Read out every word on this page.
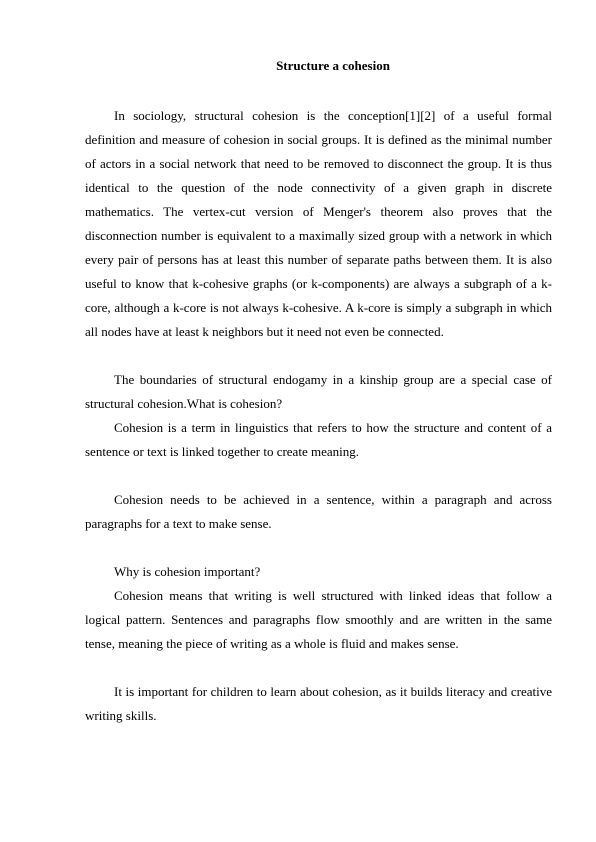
Structure a cohesion

In sociology, structural cohesion is the conception[1][2] of a useful formal definition and measure of cohesion in social groups. It is defined as the minimal number of actors in a social network that need to be removed to disconnect the group. It is thus identical to the question of the node connectivity of a given graph in discrete mathematics. The vertex-cut version of Menger's theorem also proves that the disconnection number is equivalent to a maximally sized group with a network in which every pair of persons has at least this number of separate paths between them. It is also useful to know that k-cohesive graphs (or k-components) are always a subgraph of a k-core, although a k-core is not always k-cohesive. A k-core is simply a subgraph in which all nodes have at least k neighbors but it need not even be connected.

The boundaries of structural endogamy in a kinship group are a special case of structural cohesion.What is cohesion?

Cohesion is a term in linguistics that refers to how the structure and content of a sentence or text is linked together to create meaning.

Cohesion needs to be achieved in a sentence, within a paragraph and across paragraphs for a text to make sense.

Why is cohesion important?

Cohesion means that writing is well structured with linked ideas that follow a logical pattern. Sentences and paragraphs flow smoothly and are written in the same tense, meaning the piece of writing as a whole is fluid and makes sense.

It is important for children to learn about cohesion, as it builds literacy and creative writing skills.
